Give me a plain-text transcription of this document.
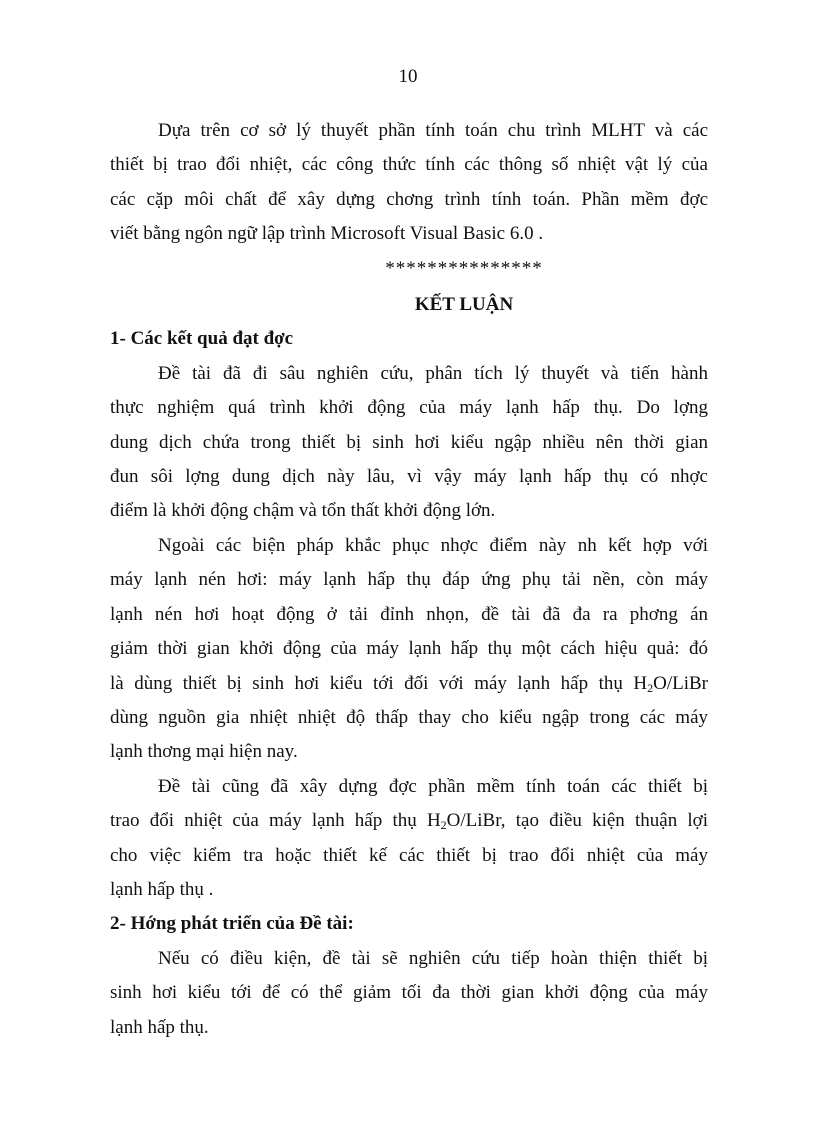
10

Dựa trên cơ sở lý thuyết phần tính toán chu trình MLHT và các
thiết bị trao đổi nhiệt, các công thức tính các thông số nhiệt vật lý của
các cặp môi chất để xây dựng chơng trình tính toán. Phần mềm đợc
viết bằng ngôn ngữ lập trình Microsoft Visual Basic 6.0 .

***************
KẾT LUẬN
1- Các kết quả đạt đợc

Đề tài đã đi sâu nghiên cứu, phân tích lý thuyết và tiến hành
thực nghiệm quá trình khởi động của máy lạnh hấp thụ. Do lợng
dung dịch chứa trong thiết bị sinh hơi kiểu ngập nhiều nên thời gian
đun sôi lợng dung dịch này lâu, vì vậy máy lạnh hấp thụ có nhợc
điểm là khởi động chậm và tổn thất khởi động lớn.

Ngoài các biện pháp khắc phục nhợc điểm này nh kết hợp với
máy lạnh nén hơi: máy lạnh hấp thụ đáp ứng phụ tải nền, còn máy
lạnh nén hơi hoạt động ở tải đỉnh nhọn, đề tài đã đa ra phơng án
giảm thời gian khởi động của máy lạnh hấp thụ một cách hiệu quả: đó
là dùng thiết bị sinh hơi kiểu tới đối với máy lạnh hấp thụ $H_2O$/LiBr
dùng nguồn gia nhiệt nhiệt độ thấp thay cho kiểu ngập trong các máy
lạnh thơng mại hiện nay.

Đề tài cũng đã xây dựng đợc phần mềm tính toán các thiết bị
trao đổi nhiệt của máy lạnh hấp thụ $H_2O$/LiBr, tạo điều kiện thuận lợi
cho việc kiểm tra hoặc thiết kế các thiết bị trao đổi nhiệt của máy
lạnh hấp thụ .

2- Hớng phát triển của Đề tài:

Nếu có điều kiện, đề tài sẽ nghiên cứu tiếp hoàn thiện thiết bị
sinh hơi kiểu tới để có thể giảm tối đa thời gian khởi động của máy
lạnh hấp thụ.
